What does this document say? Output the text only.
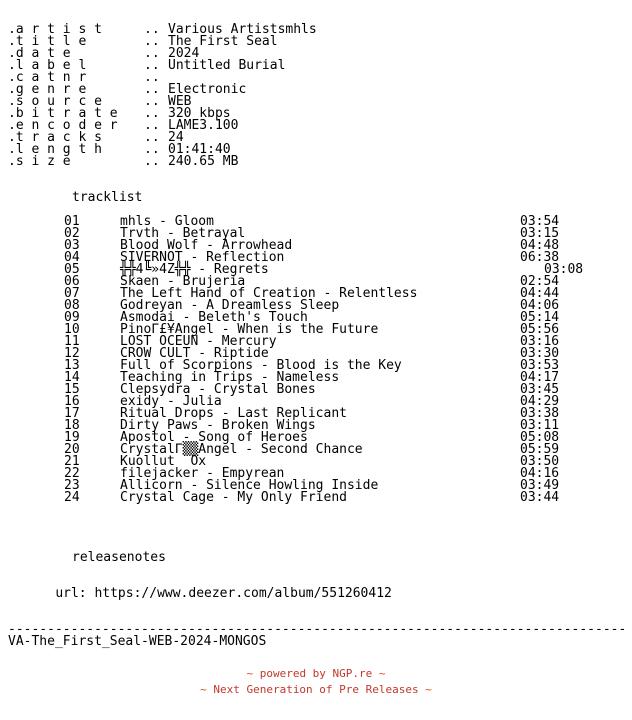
.a r t i s t	.. Various Artistsmhls
.t i t l e	.. The First Seal
.d a t e	.. 2024
.l a b e l	.. Untitled Burial
.c a t n r	..
.g e n r e	.. Electronic
.s o u r c e	.. WEB
.b i t r a t e .. 320 kbps
.e n c o d e r .. LAME3.100
.t r a c k s	.. 24
.l e n g t h	.. 01:41:40
.s i z e	.. 240.65 MB
tracklist
01	mhls - Gloom	03:54
02	Trvth - Betrayal	03:15
03	Blood Wolf - Arrowhead	04:48
04	SIVERNOT - Reflection	06:38
05	╬╬4╚»4Z╬╬ - Regrets	03:08
06	Skaen - Brujeria	02:54
07	The Left Hand of Creation - Relentless	04:44
08	Godreyan - A Dreamless Sleep	04:06
09	Asmodai - Beleth's Touch	05:14
10	PinoΓ£¥Angel - When is the Future	05:56
11	LOST OCEUN - Mercury	03:16
12	CROW CULT - Riptide	03:30
13	Full of Scorpions - Blood is the Key	03:53
14	Teaching in Trips - Nameless	04:17
15	Clepsydra - Crystal Bones	03:45
16	exidy - Julia	04:29
17	Ritual Drops - Last Replicant	03:38
18	Dirty Paws - Broken Wings	03:11
19	Apostol - Song of Heroes	05:08
20	CrystalΓ▒▒Angel - Second Chance	05:59
21	Kuollut  Ox	03:50
22	filejacker - Empyrean	04:16
23	Allicorn - Silence Howling Inside	03:49
24	Crystal Cage - My Only Friend	03:44
releasenotes

url: https://www.deezer.com/album/551260412

-------------------------------------------------------------------------------
VA-The_First_Seal-WEB-2024-MONGOS
~ powered by NGP.re ~
~ Next Generation of Pre Releases ~
